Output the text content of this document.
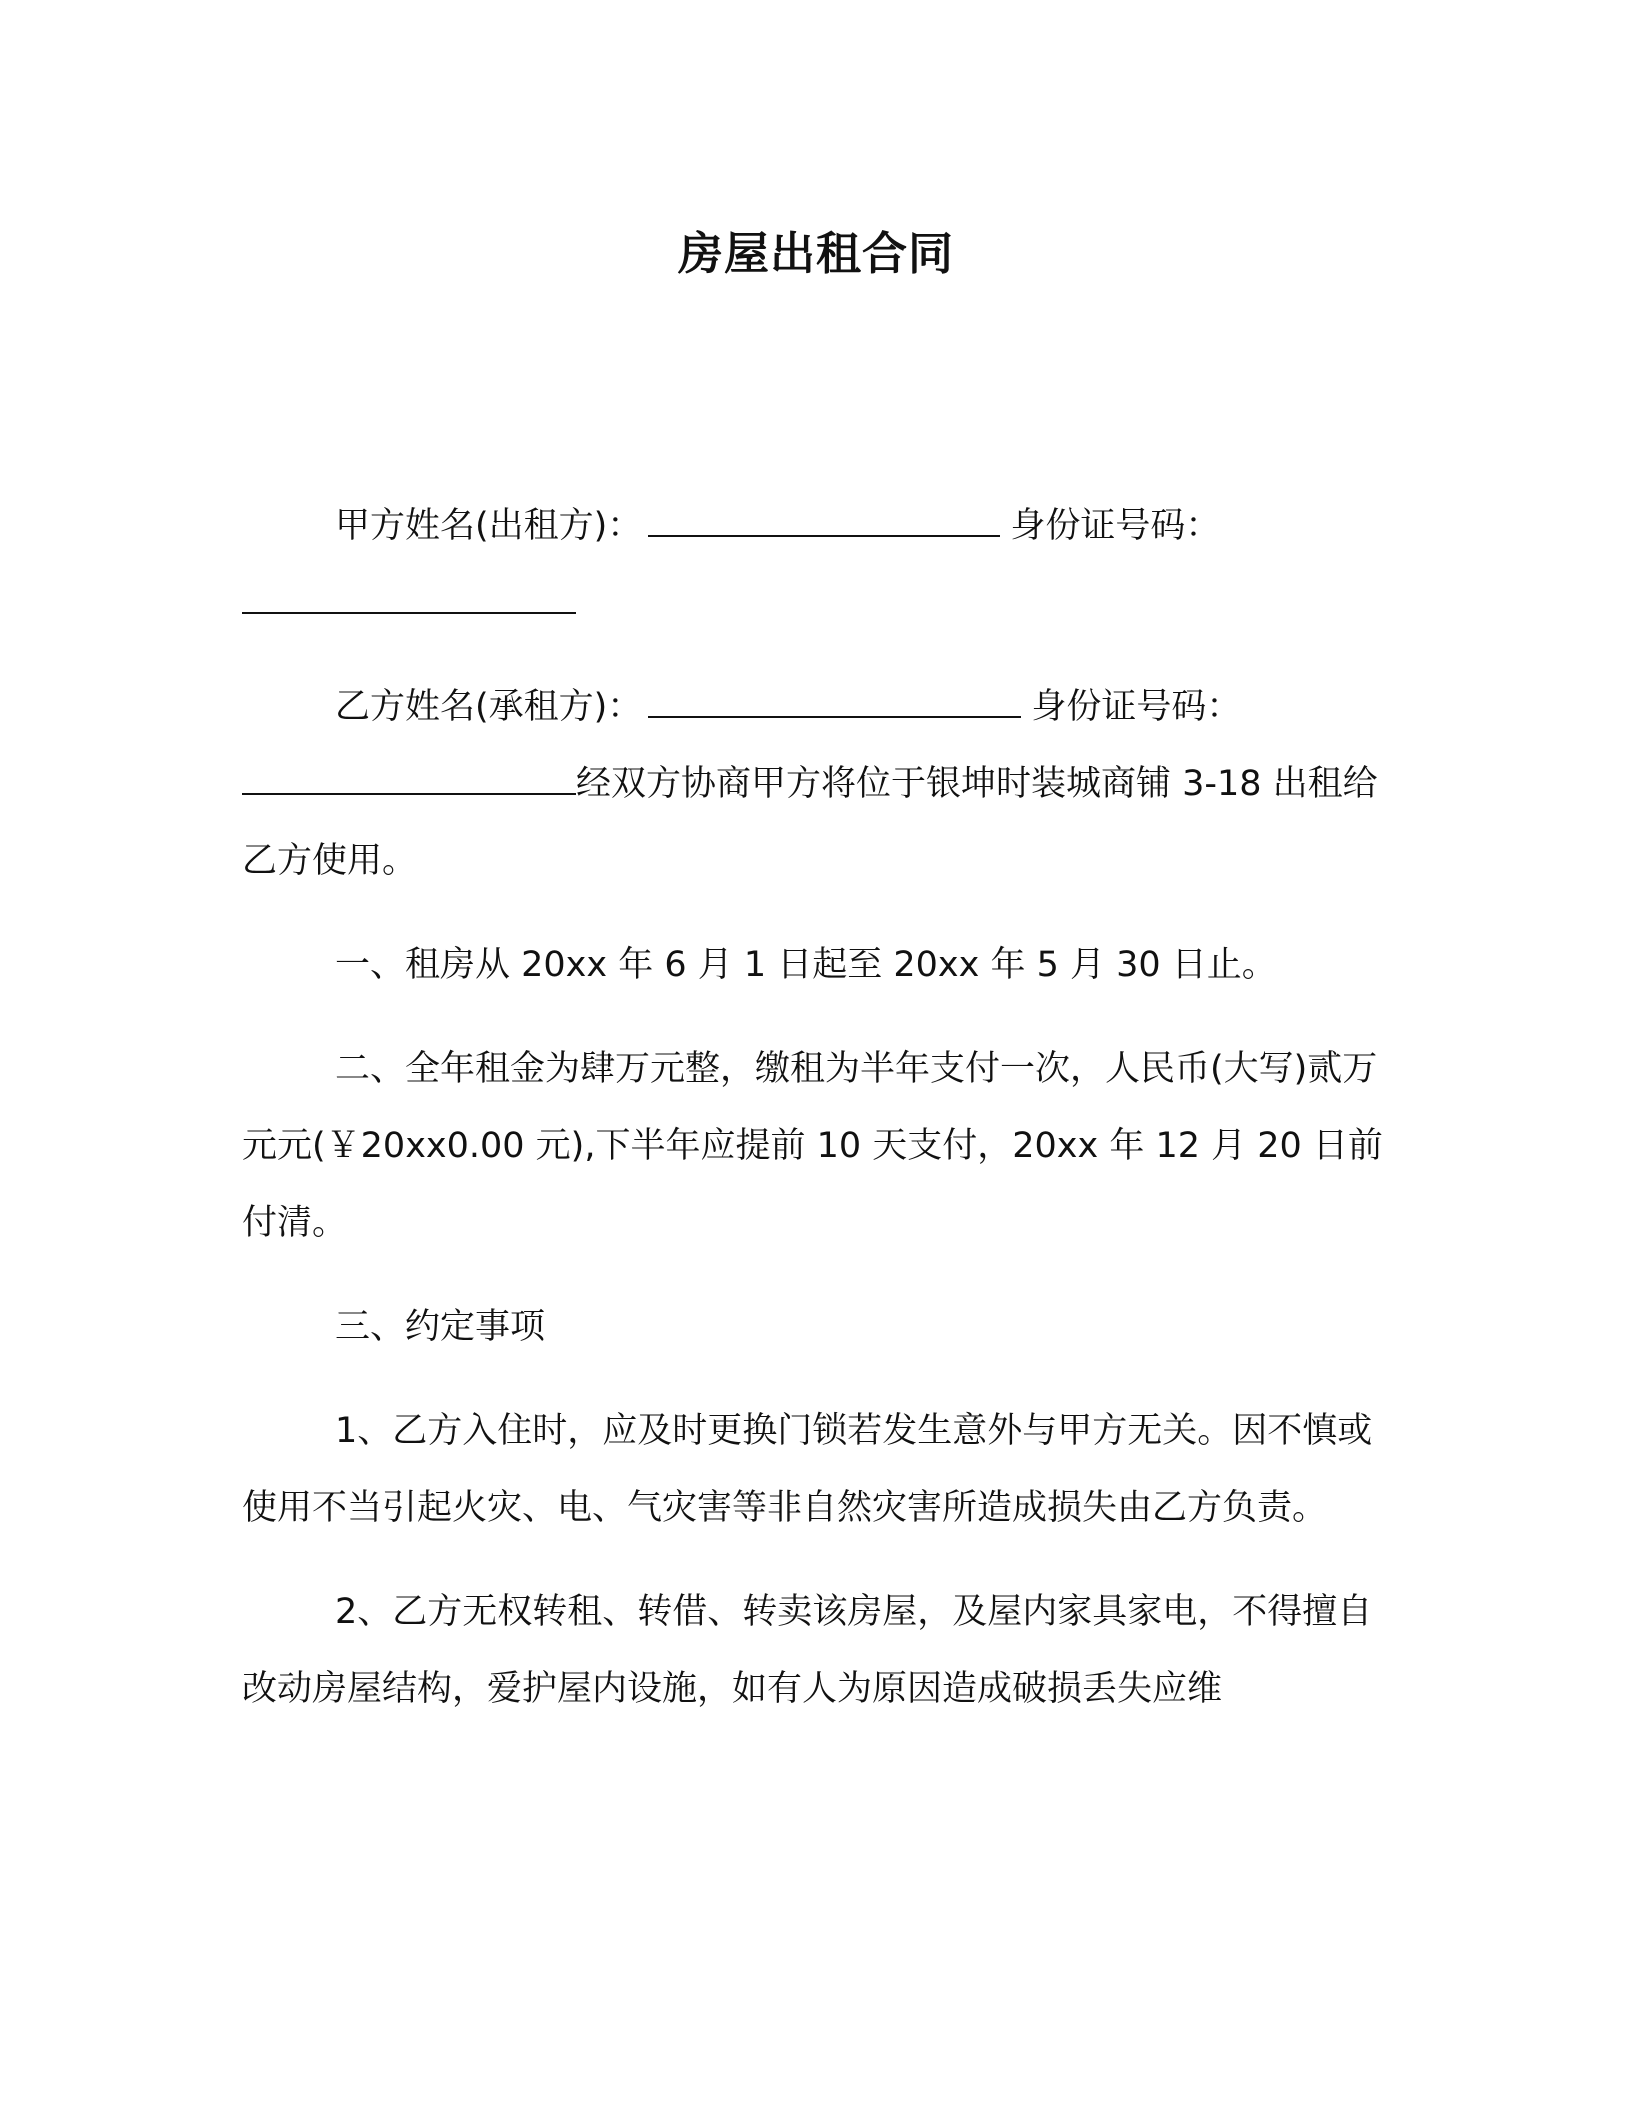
房屋出租合同

甲方姓名(出租方)：	身份证号码：

乙方姓名(承租方)：	身份证号码：
经双方协商甲方将位于银坤时装城商铺 3-18 出租给乙方使用。

一、租房从 20xx 年 6 月 1 日起至 20xx 年 5 月 30 日止。

二、全年租金为肆万元整，缴租为半年支付一次，人民币(大写)贰万元元(￥20xx0.00 元),下半年应提前 10 天支付，20xx 年 12 月 20 日前付清。

三、约定事项

1、乙方入住时，应及时更换门锁若发生意外与甲方无关。因不慎或使用不当引起火灾、电、气灾害等非自然灾害所造成损失由乙方负责。

2、乙方无权转租、转借、转卖该房屋，及屋内家具家电，不得擅自改动房屋结构，爱护屋内设施，如有人为原因造成破损丢失应维
